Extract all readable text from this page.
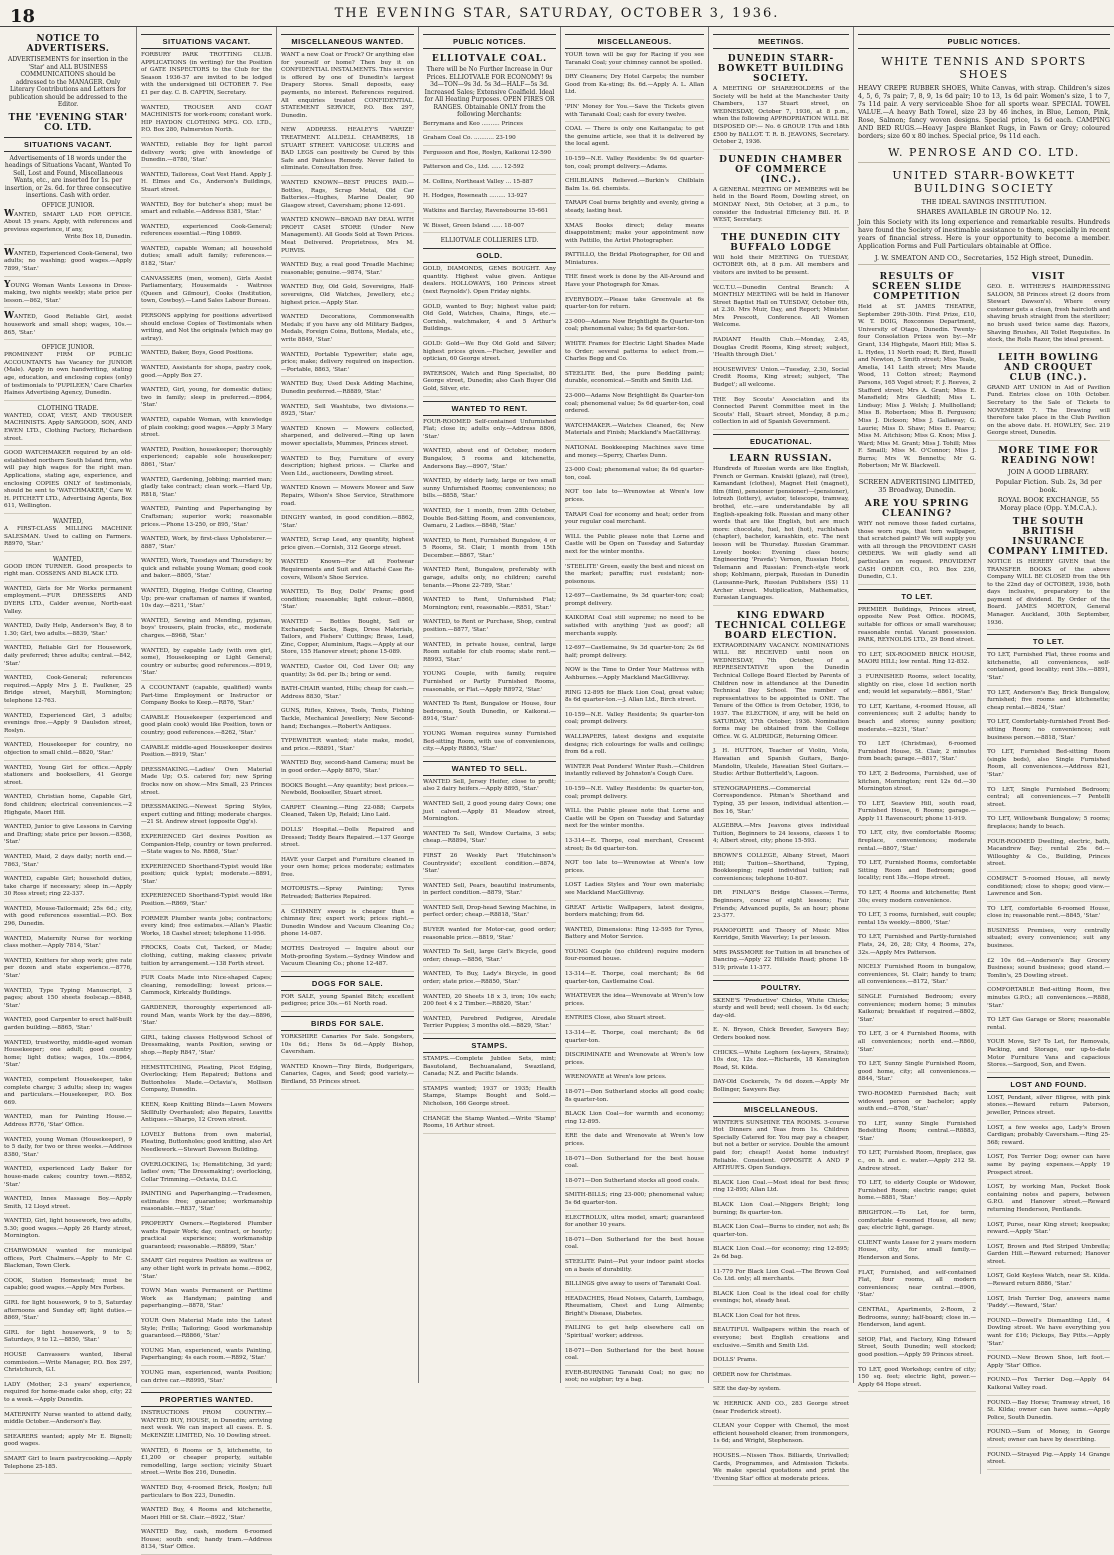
18	THE EVENING STAR, SATURDAY, OCTOBER 3, 1936.
NOTICE TO ADVERTISERS.
ADVERTISEMENTS for insertion in the 'Star' and ALL BUSINESS COMMUNICATIONS should be addressed to the MANAGER. Only Literary Contributions and Letters for publication should be addressed to the Editor.
THE 'EVENING STAR' CO. LTD.
SITUATIONS VACANT.
Advertisements of 18 words under the headings of Situations Vacant, Wanted To Sell, Lost and Found, Miscellaneous Wants, etc., are inserted for 1s. per insertion, or 2s. 6d. for three consecutive insertions. Cash with order.
OFFICE JUNIOR.
WANTED, SMART LAD FOR OFFICE. About 15 years. Apply, with references and previous experience, if any,
Write Box 18, Dunedin.
WANTED, Experienced Cook-General, two adults; no washing; good wages.—Apply 7899, 'Star.'
YOUNG Woman Wants Lessons in Dress-making, two nights weekly; state price per lesson.—862, 'Star.'
WANTED, Good Reliable Girl, assist housework and small shop; wages, 10s.—865, 'Star.'
OFFICE JUNIOR.
PROMINENT FIRM OF PUBLIC ACCOUNTANTS has Vacancy for JUNIOR (Male). Apply in own handwriting, stating age, education, and enclosing copies (only) of testimonials to 'PUPILEEN,' Care Charles Haines Advertising Agency, Dunedin.
CLOTHING TRADE.
WANTED, COAT, VEST, AND TROUSER MACHINISTS. Apply SARGOOD, SON, AND EWEN LTD., Clothing Factory, Richardson street.
GOOD WATCHMAKER required by an old-established northern South Island firm, who will pay high wages for the right man. Applications, stating age, experience, and enclosing COPIES ONLY of testimonials, should be sent to 'WATCHMAKER,' Care W. H. PITCHETT LTD., Advertising Agents, Box 611, Wellington.
WANTED,
A FIRST-CLASS MILLING MACHINE SALESMAN. Used to calling on Farmers. R8970, 'Star.'
WANTED,
GOOD IRON TURNER. Good prospects to right man. COSSENS AND BLACK LTD.
WANTED, Girls for Mr Works permanent employment.—FUR DRESSERS AND DYERS LTD., Calder avenue, North-east Valley.
WANTED, Daily Help, Anderson's Bay, 8 to 1.30; Girl, two adults.—8839, 'Star.'
WANTED, Reliable Girl for Housework, daily preferred; three adults; central.—842, 'Star.'
WANTED, Cook-General; references required.—Apply Mrs J. E. Faulkner, 25 Bridge street, Maryhill, Mornington; telephone 12-763.
WANTED, Experienced Girl, 3 adults; evenings free.—Apply 9 Daulsdon street, Roslyn.
WANTED, Housekeeper for country, no objection to small child.—8820, 'Star.'
WANTED, Young Girl for office.—Apply stationers and booksellers, 41 George street.
WANTED, Christian home, Capable Girl, fond children; electrical conveniences.—2 Highgate, Maori Hill.
WANTED, Junior to give Lessons in Carving and Drafting; state price per lesson.—8368, 'Star.'
WANTED, Maid, 2 days daily; north end.—7863, 'Star.'
WANTED, capable Girl; household duties, take charge if necessary; sleep in.—Apply 30 Ross street; ring 22-337.
WANTED, Mouse-Tailormaid; 25s 6d.; city, with good references essential.—P.O. Box 296, Dunedin.
WANTED, Maternity Nurse for working class mother.—Apply 7814, 'Star.'
WANTED, Knitters for shop work; give rate per dozen and state experience.—8776, 'Star.'
WANTED, Type Typing Manuscript, 3 pages; about 150 sheets foolscap.—8848, 'Star.'
WANTED, good Carpenter to erect half-built garden building.—8865, 'Star.'
WANTED, trustworthy, middle-aged woman Housekeeper; one adult; good country home; light duties; wages, 10s.—8964, 'Star.'
WANTED, competent Housekeeper, take complete charge; 3 adults; sleep in; wages and particulars.—Housekeeper, P.O. Box 669.
WANTED, man for Painting House.—Address R776, 'Star' Office.
WANTED, young Woman (Housekeeper), 9 to 5 daily, for two or three weeks.—Address 8380, 'Star.'
WANTED, experienced Lady Baker for house-made cakes; country town.—R852, 'Star.'
WANTED, Innes Massage Boy.—Apply Smith, 12 Lloyd street.
WANTED, Girl, light housework, two adults, 5.30; good wages.—Apply 26 Hardy street, Mornington.
CHARWOMAN wanted for municipal offices, Port Chalmers.—Apply to Mr C. Blackman, Town Clerk.
COOK, Station Homestead; must be capable; good wages.—Apply Mrs Forbes.
GIRL for light housework, 9 to 5, Saturday afternoons and Sunday off; light duties.—8869, 'Star.'
GIRL for light housework, 9 to 5; Saturdays, 9 to 12.—8850, 'Star.'
HOUSE Canvassers wanted, liberal commission.—Write Manager, P.O. Box 297, Christchurch, G.I.
LADY (Mother, 2-3 years' experience, required for home-made cake shop, city; 22 to a week.—Apply Dunedin.
MATERNITY Nurse wanted to attend daily, middle October.—Anderson's Bay.
SHEARERS wanted; apply Mr E. Bignell; good wages.
SMART Girl to learn pastrycooking.—Apply Telephone 25-185.
SITUATIONS VACANT.
FORBURY PARK TROTTING CLUB. APPLICATIONS (in writing) for the Position of GATE INSPECTORS to the Club for the Season 1936-37 are invited to be lodged with the undersigned till OCTOBER 7. Fee £1 per day. C. B. CAFFIN, Secretary.
WANTED, TROUSER AND COAT MACHINISTS for work-room; constant work. HIP HAYDON CLOTHING MFG. CO. LTD., P.O. Box 280, Palmerston North.
WANTED, reliable Boy for light parcel delivery work; give with knowledge of Dunedin.—8780, 'Star.'
WANTED, Tailoress, Coat Vest Hand. Apply J. H. Elmes and Co., Anderson's Buildings, Stuart street.
WANTED, Boy for butcher's shop; must be smart and reliable.—Address 8381, 'Star.'
WANTED, experienced Cook-General; references essential.—Ring 10869.
WANTED, capable Woman; all household duties; small adult family; references.—8182, 'Star.'
CANVASSERS (men, women), Girls Assist Parliamentary, Housemaids - Waitress (Queen and Gilmour), Cooks (Institution, town, Cowboy).—Land Sales Labour Bureau.
PERSONS applying for positions advertised should enclose Copies of Testimonials when writing, and Not the originals (which may go astray).
WANTED, Baker, Boys, Good Positions.
WANTED, Assistants for shops, pastry cook, good.—Apply Box 27.
WANTED, Girl, young, for domestic duties; two in family; sleep in preferred.—8964, 'Star.'
WANTED, capable Woman, with knowledge of plain cooking; good wages.—Apply 3 Mary street.
WANTED, Position, housekeeper; thoroughly experienced; capable sole housekeeper; 8861, 'Star.'
WANTED, Gardening, Jobbing; married man; gladly take contract; clean work.—Hard Up, R818, 'Star.'
WANTED, Painting and Paperhanging by Craftsman; superior work; reasonable prices.—Phone 13-250, or 895, 'Star.'
WANTED, Work, by first-class Upholsterer.—8887, 'Star.'
WANTED, Work, Tuesdays and Thursdays; by quick and reliable young Woman; good cook and baker.—8805, 'Star.'
WANTED, Digging, Hedge Cutting, Clearing Up; pre-war craftsman of names if wanted, 10s day.—8211, 'Star.'
WANTED, Sewing and Mending, pyjamas, boys' trousers, plain frocks, etc., moderate charges.—8968, 'Star.'
WANTED, by capable Lady (with own girl, some), Housekeeping or Light General; country or suburbs; good references.—8919, 'Star.'
A CCOUNTANT (capable, qualified) wants Part-time Employment or Instructor or Company Books to Keep.—R876, 'Star.'
CAPABLE Housekeeper (experienced and good plain cook) would like Position, town or country; good references.—8262, 'Star.'
CAPABLE middle-aged Housekeeper desires Position.—8919, 'Star.'
DRESSMAKING.—Ladies' Own Material Made Up; O.S. catered for; new Spring frocks now on show.—Mrs Small, 23 Princes street.
DRESSMAKING.—Newest Spring Styles, expert cutting and fitting; moderate charges.—21 St. Andrew street (opposite Ogg's).
EXPERIENCED Girl desires Position as Companion-Help, country or town preferred.—State wages to No. R868, 'Star.'
EXPERIENCED Shorthand-Typist would like position; quick typist; moderate.—8891, 'Star.'
EXPERIENCED Shorthand-Typist would like Position.—R869, 'Star.'
FORMER Plumber wants jobs; contractors; every kind; free estimates.—Allan's Plastic Works, 18 Cashel street; telephone 11-956.
FROCKS, Coats Cut, Tacked, or Made; clothing, cutting, making classes; private tuition by arrangement.—138 Forth street.
FUR Coats Made into Nice-shaped Capes; cleaning, remodelling; lowest prices.—Cammock, Kirkcaldy Buildings.
GARDENER, thoroughly experienced all-round Man, wants Work by the day.—8896, 'Star.'
GIRL, taking classes Hollywood School of Dressmaking, wants Position, sewing or shop.—Reply R847, 'Star.'
HEMSTITCHING, Pleating, Picot Edging, Overlocking; Hem Repaired; Buttons and Buttonholes Made.—Octavia's, Mollison Company, Dunedin.
KEEN, Keep Knitting Blinds—Lawn Mowers Skillfully Overhauled; also Repairs, Leavitts Antiques.—Sharpo, 12 Crown street.
LOVELY Buttons from own material, Pleating, Buttonholes; good knitting, also Art Needlework.—Stewart Dawson Building.
OVERLOCKING, 1s; Hemstitching, 3d yard; ladies' own; 'The Dressmaking'; overlocking, Collar Trimming.—Octavia, D.I.C.
PAINTING and Paperhanging.—Tradesmen, estimates free; guarantee; workmanship reasonable.—R837, 'Star.'
PROPERTY Owners.—Registered Plumber wants Repair Work; day, contract, or hourly; practical experience; workmanship guaranteed; reasonable.—R8899, 'Star.'
SMART Girl requires Position as waitress or any other light work in private home.—8962, 'Star.'
TOWN Man wants Permanent or Parttime Work as Handyman; painting and paperhanging.—8878, 'Star.'
YOUR Own Material Made into the Latest Style; Frills; Tailoring; Good workmanship guaranteed.—R8866, 'Star.'
YOUNG Man, experienced, wants Painting, Paperhanging; 4s each room.—R892, 'Star.'
YOUNG man, experienced, wants Position; can drive car.—R8995, 'Star.'
PROPERTIES WANTED.
INSTRUCTIONS FROM COUNTRY.—WANTED BUY, HOUSE, in Dunedin; arriving next week. We can inspect all cases. E. S. McKENZIE LIMITED, No. 10 Dowling street.
WANTED, 6 Rooms or 5, kitchenette, to £1,200 or cheaper property, suitable remodelling, large section; vicinity Stuart street.—Write Box 216, Dunedin.
WANTED Buy, 4-roomed Brick, Roslyn; full particulars to Box 223, Dunedin.
WANTED Buy, 4 Rooms and kitchenette, Maori Hill or St. Clair.—8922, 'Star.'
WANTED Buy, cash, modern 6-roomed House; south end; handy tram.—Address 8134, 'Star' Office.
MISCELLANEOUS WANTED.
WANT a new Coat or Frock? Or anything else for yourself or home? Then buy it on CONFIDENTIAL INSTALMENTS. This service is offered by one of Dunedin's largest Drapery Stores. Small deposits, easy payments, no interest. References required. All enquiries treated CONFIDENTIAL. STATEMENT SERVICE, P.O. Box 297, Dunedin.
NEW ADDRESS. HEALEY'S 'VARIZE' TREATMENT. ALLDELL CHAMBERS, 18 STUART STREET. VARICOSE ULCERS and BAD LEGS can positively be Cured by this Safe and Painless Remedy. Never failed to eliminate. Consultation free.
WANTED KNOWN—BEST PRICES PAID.—Bottles, Rags, Scrap Metal, Old Car Batteries.—Hughes, Marine Dealer, 90 Glasgow street, Caversham; phone 12-691.
WANTED KNOWN—BROAD BAY DEAL WITH PROFIT CASH STORE (Under New Management). All Goods Sold at Town Prices. Meat Delivered. Proprietress, Mrs M. PURVIS.
WANTED Buy, a real good Treadle Machine; reasonable; genuine.—9874, 'Star.'
WANTED Buy, Old Gold, Sovereigns, Half-sovereigns, Old Watches, Jewellery, etc.; highest price.—Apply Star.
WANTED Decorations, Commonwealth Medals; if you have any old Military Badges, Medals, Foreign Coins, Buttons, Medals, etc., write 8849, 'Star.'
WANTED, Portable Typewriter; state age, price; make; delivery required on inspection.—Portable, 8863, 'Star.'
WANTED Buy, Used Desk Adding Machine, Dunedin preferred.—R8889, 'Star.'
WANTED, Sell Washtubs, two divisions.—8925, 'Star.'
WANTED Known — Mowers collected, sharpened, and delivered.—Ring up lawn mower specialists, Mummes, Princes street.
WANTED to Buy, Furniture of every description; highest prices. — Clarke and Veen Ltd., auctioneers, Dowling street.
WANTED Known — Mowers Mower and Saw Repairs, Wilson's Shoe Service, Strathmore road.
DINGHY wanted, in good condition.—8862, 'Star.'
WANTED, Scrap Lead, any quantity, highest price given.—Cornish, 312 George street.
WANTED Known—For all Footwear Requirements and Suit and Attaché Case Re-covers, Wilson's Shoe Service.
WANTED, To Buy, Dolls' Prams; good condition; reasonable; light colour.—8860, 'Star.'
WANTED — Bottles Bought, Sell or Exchanged; Sacks, Bags, Dress Materials, Tailors, and Fishers' Cuttings; Brass, Lead, Zinc, Copper, Aluminium, Rags.—Apply at our Store, 155 Hanover street; phone 15-089.
WANTED, Castor Oil, Cod Liver Oil; any quantity; 3s 6d. per lb.; bring or send.
BATH-CHAIR wanted, Hills; cheap for cash.—Address 8830, 'Star.'
GUNS, Rifles, Knives, Tools, Tents, Fishing Tackle, Mechanical Jewellery; New Second-hand; Exchanges.—Robert's Antiques.
TYPEWRITER wanted; state make, model, and price.—R8891, 'Star.'
WANTED Buy, second-hand Camera; must be in good order.—Apply 8870, 'Star.'
BOOKS Bought.—Any quantity; best prices.—Newbold, Bookseller, Stuart street.
CARPET Cleaning.—Ring 22-088; Carpets Cleaned, Taken Up, Relaid; Lino Laid.
DOLLS' Hospital.—Dolls Repaired and Dressed; Teddy Bears Repaired.—137 George street.
HAVE your Carpet and Furniture cleaned in your own home; prices moderate; estimates free.
MOTORISTS.—Spray Painting; Tyres Retreaded; Batteries Repaired.
A CHIMNEY sweep is cheaper than a chimney fire; expert work; prices right.—Dunedin Window and Vacuum Cleaning Co.; phone 14-087.
MOTHS Destroyed — Inquire about our Moth-proofing System.—Sydney Window and Vacuum Cleaning Co.; phone 12-487.
DOGS FOR SALE.
FOR SALE, young Spaniel Bitch; excellent pedigree; price 30s.—61 North road.
BIRDS FOR SALE.
YORKSHIRE Canaries For Sale. Songsters, 10s 6d.; Hens 5s 6d.—Apply Bishop, Caversham.
WANTED Known—Tiny Birds, Budgerigars, Canaries, Cages, and Seed; good variety.—Birdland, 55 Princes street.
PUBLIC NOTICES.
ELLIOTVALE COAL.
There will be No Further Increase in Our Prices. ELLIOTVALE FOR ECONOMY! 9s 3d—TON—9s 3d. 5s 3d—HALF—5s 3d. Increased Sales; Extensive Coalfield. Ideal for All Heating Purposes. OPEN FIRES OR RANGES. Obtainable ONLY from the following Merchants:
Berrymans and Keo .......... Princes
Graham Coal Co. ........... 23-190
Fergusson and Roe, Roslyn, Kaikorai 12-590
Patterson and Co., Ltd. ...... 12-592
M. Collins, Northeast Valley ... 15-887
H. Hodges, Roseneath ......... 13-927
Watkins and Barclay, Ravensbourne 15-661
W. Bisset, Green Island ...... 18-007
ELLIOTVALE COLLIERIES LTD.
GOLD.
GOLD, DIAMONDS, GEMS BOUGHT. Any quantity. Highest value given. Antique dealers. HOLLOWAYS, 160 Princes street (next Reynolds'). Open Friday nights.
GOLD, wanted to Buy; highest value paid; Old Gold, Watches, Chains, Rings, etc.—Cornish, watchmaker, 4 and 5 Arthur's Buildings.
GOLD: Gold—We Buy Old Gold and Silver; highest prices given.—Fischer, jeweller and optician, 60 George street.
PATERSON, Watch and Ring Specialist, 80 George street, Dunedin; also Cash Buyer Old Gold, Silver, etc.
WANTED TO RENT.
FOUR-ROOMED Self-contained Unfurnished Flat; close in; adults only.—Address 8806, 'Star.'
WANTED, about end of October, modern Bungalow, 5 rooms and kitchenette, Andersons Bay.—8907, 'Star.'
WANTED, by elderly lady, large or two small sunny Unfurnished Rooms; conveniences; no bills.—8858, 'Star.'
WANTED, for 1 month, from 28th October, Double Bed-Sitting Room, and conveniences, Oamaru, 2 Ladies.—8848, 'Star.'
WANTED, to Rent, Furnished Bungalow, 4 or 5 Rooms, St. Clair, 1 month from 15th December.—8867, 'Star.'
WANTED Rent, Bungalow, preferably with garage, adults only, no children; careful tenants.—Phone 22-789, 'Star.'
WANTED to Rent, Unfurnished Flat; Mornington; rent, reasonable.—R851, 'Star.'
WANTED, to Rent or Purchase, Shop, central position.—8877, 'Star.'
WANTED, in private house, central, large Room suitable for club rooms; state rent.—R8993, 'Star.'
YOUNG Couple, with family, require Furnished or Partly Furnished Rooms, reasonable, or Flat.—Apply R8972, 'Star.'
WANTED To Rent, Bungalow or House, four bedrooms, South Dunedin, or Kaikorai.—8914, 'Star.'
YOUNG Woman requires sunny Furnished Bed-sitting Room, with use of conveniences, city.—Apply R8863, 'Star.'
WANTED TO SELL.
WANTED Sell, Jersey Heifer, close to profit; also 2 dairy heifers.—Apply 8895, 'Star.'
WANTED Sell, 2 good young dairy Cows; one just calved.—Apply 81 Meadow street, Mornington.
WANTED To Sell, Window Curtains, 3 sets; cheap.—R8894, 'Star.'
FIRST 26 Weekly Part 'Hutchinson's Countryside'; excellent condition.—8874, 'Star.'
WANTED Sell, Pears, beautiful instruments, in perfect condition.—8879, 'Star.'
WANTED Sell, Drop-head Sewing Machine, in perfect order; cheap.—R8818, 'Star.'
BUYER wanted for Motor-car, good order; reasonable price.—8819, 'Star.'
WANTED To Sell, large Girl's Bicycle, good order; cheap.—8856, 'Star.'
WANTED, To Buy, Lady's Bicycle, in good order; state price.—R8850, 'Star.'
WANTED, 20 Sheets 18 x 3, iron; 10s each; 200 feet 4 x 2 Timber.—R8820, 'Star.'
WANTED, Purebred Pedigree, Airedale Terrier Puppies; 3 months old.—8829, 'Star.'
STAMPS.
STAMPS.—Complete Jubilee Sets, mint; Basutoland, Bechuanaland, Swaziland, Canada; N.Z. and Pacific Islands.
STAMPS wanted; 1937 or 1935; Health Stamps, Stamps Bought and Sold.—Nicholson, 166 George street.
CHANGE the Stamp Wanted.—Write 'Stamp' Rooms, 16 Arthur street.
MISCELLANEOUS.
YOUR town will be gay for Racing if you see Taranaki Coal; your chimney cannot be spoiled.
DRY Cleaners; Dry Hotel Carpets; the number Good from Ka-sting; 8s. 6d.—Apply A. L. Allan Ltd.
'PIN' Money for You.—Save the Tickets given with Taranaki Coal; cash for every twelve.
COAL — There is only one Kaitangata; to get the genuine article, see that it is delivered by the local agent.
10-159—N.E. Valley Residents: 9s 6d quarter-ton, coal; prompt delivery.—Adams.
CHILBLAINS Relieved.—Burkin's Chilblain Balm 1s. 6d. chemists.
TARAPI Coal burns brightly and evenly, giving a steady, lasting heat.
XMAS Books direct; delay means disappointment; make your appointment now with Pattillo, the Artist Photographer.
PATTILLO, the Bridal Photographer, for Oil and Miniatures.
THE finest work is done by the All-Around and Have your Photograph for Xmas.
EVERYBODY.—Please take Greenvale at 6s quarter-ton for return.
23-000—Adams Now Brightlight 8s Quarter-ton coal; phenomenal value; 5s 6d quarter-ton.
WHITE Frames for Electric Light Shades Made to Order; several patterns to select from.—Charles Begg and Co.
STEELITE Bed, the pure Bedding paint; durable, economical.—Smith and Smith Ltd.
23-000—Adams Now Brightlight 8s Quarter-ton coal; phenomenal value; 5s 6d quarter-ton, coal ordered.
WATCHMAKER.—Watches Cleaned, 6s; New Materials and Finish; Mackland's MacGillivray.
NATIONAL Bookkeeping Machines save time and money.—Sperry, Charles Dunn.
23-000 Coal; phenomenal value; 8s 6d quarter-ton, coal.
NOT too late to—Wrenowise at Wren's low prices.
TARAPI Coal for economy and heat; order from your regular coal merchant.
WILL the Public please note that Lorne and Castle will be Open on Tuesday and Saturday next for the winter months.
'STEELITE' Green, easily the best and nicest on the market; paraffin; rust resistant; non-poisonous.
12-697—Castlemaine, 9s 3d quarter-ton; coal; prompt delivery.
KAIKORAI Coal still supreme; no need to be satisfied with anything 'just as good'; all merchants supply.
12-697—Castlemaine, 9s 3d quarter-ton; 2s 6d half; prompt delivery.
NOW is the Time to Order Your Mattress with Ashburnes.—Apply Mackland MacGillivray.
RING 12-895 for Black Lion Coal, great value; 8s 6d quarter-ton.—J. Allan Ltd., Birch street.
10-159—N.E. Valley Residents; 9s quarter-ton coal; prompt delivery.
WALLPAPERS, latest designs and exquisite designs; rich colourings for walls and ceilings; from 6d a roll.
WINTER Peat Ponders! Winter Rush.—Children instantly relieved by Johnston's Cough Cure.
10-159—N.E. Valley Residents: 9s quarter-ton, coal; prompt delivery.
WILL the Public please note that Lorne and Castle will be Open on Tuesday and Saturday next for the winter months.
13-314—E. Thorpe, coal merchant, Crescent street; 8s 6d quarter-ton.
NOT too late to—Wrenowise at Wren's low prices.
LOST Ladies Styles and Your own materials; see Mackland MacGillivray.
GREAT Artistic Wallpapers, latest designs, borders matching; from 6d.
WANTED, Dimensions: Ring 12-595 for Tyres, Battery and Motor Service.
YOUNG Couple (no children) require modern four-roomed house.
13-314—E. Thorpe, coal merchant; 8s 6d quarter-ton, Castlemaine Coal.
WHATEVER the idea—Wrenovate at Wren's low prices.
ENTRIES Close, also Stuart street.
13-314—E. Thorpe, coal merchant; 8s 6d quarter-ton.
DISCRIMINATE and Wrenovate at Wren's low prices.
WRENOVATE at Wren's low prices.
18-071—Don Sutherland stocks all good coals; 8s quarter-ton.
BLACK Lion Coal—for warmth and economy; ring 12-895.
ERE the date and Wrenovate at Wren's low prices.
18-071—Don Sutherland for the best house coal.
18-071—Don Sutherland stocks all good coals.
SMITH-BILLS; ring 23-000; phenomenal value; 5s 6d quarter-ton.
ELECTROLUX, ultra model, smart; guaranteed for another 10 years.
18-071—Don Sutherland for the best house coal.
STEELITE Paint—Put your indoor paint stocks on a basis of durability.
BILLINGS give away to users of Taranaki Coal.
HEADACHES, Head Noises, Catarrh, Lumbago, Rheumatism, Chest and Lung Ailments; Bright's Disease, Diabetes.
FAILING to get help elsewhere call on 'Spiritual' worker; address.
18-071—Don Sutherland for the best house coal.
EVER-BURNING Taranaki Coal; no gas; no soot; no sulphur; try a bag.
MEETINGS.
DUNEDIN STARR-BOWKETT BUILDING SOCIETY.
A MEETING OF SHAREHOLDERS of the Society will be held at the Manchester Unity Chambers, 137 Stuart street, on WEDNESDAY, October 7, 1936, at 8 p.m., when the following APPROPRIATION WILL BE DISPOSED OF:— No. 6 GROUP. 17th and 18th £500 by BALLOT. T. R. B. JEAVONS, Secretary. October 2, 1936.
DUNEDIN CHAMBER OF COMMERCE (INC.).
A GENERAL MEETING OF MEMBERS will be held in the Board Room, Dowling street, on MONDAY Next, 5th October, at 3 p.m., to consider the Industrial Efficiency Bill. H. P. WEST, Secretary.
THE DUNEDIN CITY BUFFALO LODGE
Will hold their MEETING On TUESDAY, OCTOBER 6th, at 8 p.m. All members and visitors are invited to be present.
W.C.T.U.—Dunedin Central Branch: A MONTHLY MEETING will be held in Hanover Street Baptist Hall on TUESDAY, October 6th, at 2.30. Mrs Muir, Day, and Report; Minister. Mrs Prescott, Conference. All Women Welcome.
RADIANT Health Club.—Monday, 2.45, Douglas Credit Rooms, King street; subject, 'Health through Diet.'
HOUSEWIVES' Union.—Tuesday, 2.30, Social Credit Rooms, King street; subject, 'The Budget'; all welcome.
THE Boy Scouts' Association and its Connected Parent Committee meet in the Scouts' Hall, Stuart street, Monday, 8 p.m.; collection in aid of Spanish Government.
EDUCATIONAL.
LEARN RUSSIAN.
Hundreds of Russian words are like English, French or German. Kraiskii (glaze), rail (tree), Kamandant (clothes), Magnet Heil (magnet), film (film), pensioner (pensioner)—(pensioner), lotrezh (lottery), aviator, telescope, tramway, brothel, etc.—are understandable by all English-speaking folk. Russian and many other words that are like English, but are much more: chocolate, fuel, hot (hot), ruchlshash (chapter), bachelor, karashkin, etc. The next lesson will be Thursday. Russian Grammar. Lovely books: Evening class hours; Engineering 'Pravda'; Vernon, Russian Hotel, Telemann and Russian: French-style work shop; Kohlmann, pierpak, Russian in Dunedin (Lausanne-Park, Russian Publishers (SS) 11 Archer street. Mutiplication, Mathematics, Eurasian Languages.
KING EDWARD TECHNICAL COLLEGE BOARD ELECTION.
EXTRAORDINARY VACANCY. NOMINATIONS WILL BE RECEIVED until noon on WEDNESDAY, 7th October, of a REPRESENTATIVE upon the Dunedin Technical College Board Elected by Parents of Children now in attendance at the Dunedin Technical Day School. The number of representatives to be appointed is ONE. The Tenure of the Office is from October, 1936, to 1937. The ELECTION, if any, will be held on SATURDAY, 17th October, 1936. Nomination forms may be obtained from the College Office. W. G. ALDRIDGE, Returning Officer.
J. H. HUTTON, Teacher of Violin, Viola, Hawaiian and Spanish Guitars, Banjo-Mandolin, Ukulele, Hawaiian Steel Guitars.—Studio: Arthur Butterfield's, Lagoon.
STENOGRAPHERS.—Commercial Correspondence. Pitman's Shorthand and Typing, 35 per lesson, individual attention.—Box 16, 'Star.'
ALGEBRA.—Mrs Jeavons gives individual Tuition, Beginners to 24 lessons, classes 1 to 4; Albert street, city; phone 15-593.
BROWN'S COLLEGE, Albany Street, Maori Hill; Tuition—Shorthand, Typing, Bookkeeping; rapid individual tuition; rail conveniences; telephone 10-807.
DR FINLAY'S Bridge Classes.—Terms, Beginners, course of eight lessons; Fair Friends; Advanced pupils, 5s an hour; phone 23-377.
PIANOFORTE and Theory of Music Miss Kerridge, Smith Waverley; 1s per lesson.
MRS PASSMORE for Tuition in all branches of Dancing.—Apply 22 Hillside Road; phone 18-519; private 11-377.
POULTRY.
SKENE'S 'Productive' Chicks, White Chicks; sturdy and well bred; well chosen. 1s 6d each; day-old.
E. N. Bryson, Chick Breeder, Sawyers Bay; Orders booked now.
CHICKS.—White Leghorn (ex-layers, Strains); 10s doz, 12s doz.—Richards, 18 Kensington Road, St. Kilda.
DAY-Old Cockerels, 7s 6d dozen.—Apply Mr Bollinger, Sawyers Bay.
MISCELLANEOUS.
WINTER'S SUNSHINE TEA ROOMS. 3-course Hot Dinners and Teas from 1s. Children Specially Catered for. You may pay a cheaper, but not a better or service. Double the amount paid for; cheap!! Assist home industry! Reliable. Consistent. OPPOSITE A AND P ARTHUR'S. Open Sundays.
BLACK Lion Coal.—Most ideal for best fires; ring 12-895; Allan Ltd.
BLACK Lion Coal.—Niggers Bright; long burning; 8s quarter-ton.
BLACK Lion Coal—Burns to cinder, not ash; 8s quarter-ton.
BLACK Lion Coal.—for economy; ring 12-895; 2s 6d bag.
11-779 For Black Lion Coal.—The Brown Coal Co. Ltd. only; all merchants.
BLACK Lion Coal is the ideal coal for chilly evenings; hot, steady heat.
BLACK Lion Coal for hot fires.
BEAUTIFUL Wallpapers within the reach of everyone; best English creations and exclusive.—Smith and Smith Ltd.
DOLLS' Prams.
ORDER now for Christmas.
SEE the day-by system.
W. HERRICK AND CO., 283 George street (near Frederick street).
CLEAN your Copper with Chemol, the most efficient household cleaner, from ironmongers, 1s 6d; and Wright, Stephenson.
HOUSES.—Nissen Thos. Billiards, Unrivalled; Cards, Programmes, and Admission Tickets. We make special quotations and print the 'Evening Star' office at moderate prices.
PUBLIC NOTICES.
WHITE TENNIS AND SPORTS SHOES
HEAVY CREPE RUBBER SHOES, White Canvas, with strap. Children's sizes 4, 5, 6, 7s pair; 7, 8, 9, 1s 6d pair; 10 to 13, 1s 6d pair. Women's size, 1 to 7, 7s 11d pair. A very serviceable Shoe for all sports wear. SPECIAL TOWEL VALUE.—A heavy Bath Towel, size 23 by 46 inches, in Blue, Lemon, Pink, Rose, Salmon; fancy woven designs. Special price, 1s 6d each. CAMPING AND BED RUGS.—Heavy Jaspre Blanket Rugs, in Fawn or Grey; coloured borders; size 60 x 80 inches. Special price, 9s 11d each.
W. PENROSE AND CO. LTD.
UNITED STARR-BOWKETT BUILDING SOCIETY
THE IDEAL SAVINGS INSTITUTION.
SHARES AVAILABLE IN GROUP No. 12.
Join this Society with its long experience and remarkable results. Hundreds have found the Society of inestimable assistance to them, especially in recent years of financial stress. Here is your opportunity to become a member. Application Forms and Full Particulars obtainable at Office.
J. W. SMEATON AND CO., Secretaries, 152 High street, Dunedin.
RESULTS OF SCREEN SLIDE COMPETITION
Held at ST. JAMES THEATRE, September 29th-30th. First Prize, £10, W. T. DOIG, Roxconnes Department, University of Otago, Dunedin. Twenty-four Consolation Prizes won by:—Mr Grant, 134 Highgate, Maori Hill; Miss S. L. Hydes, 11 North road; R. Bird, Rusell and Newton, 5 Smith street; Miss Teale, Amelia, 141 Leith street; Mrs Maude Wood, 11 Cotton street; Raymond Parsons, 165 Vogel street; F. J. Reeves, 2 Stafford street; Mrs A. Grant; Miss E. Mansfield; Mrs Gledhill; Miss L. Lindsay; Miss J. Welsh; J. Mullholland; Miss B. Robertson; Miss B. Ferguson; Miss J. Dickson; Miss J. Gallaway; G. Laurie; Miss D. Shaw; Miss E. Pearce; Miss M. Aitchison; Miss G. Knox; Miss J. Ward; Miss M. Grant; Miss J. Tohill; Miss F. Smaill; Miss M. O'Connor; Miss J. Burns; Mrs W. Bennetts; Mr G. Robertson; Mr W. Blackwell.
SCREEN ADVERTISING LIMITED, 35 Broadway, Dunedin.
ARE YOU SPRING CLEANING?
WHY not remove those faded curtains, those worn rugs, that torn wallpaper, that scratched paint? We will supply you with all through the PROVIDENT CASH ORDERS. We will gladly send all particulars on request. PROVIDENT CASH ORDER CO., P.O. Box 236, Dunedin, C.1.
TO LET.
PREMIER Buildings, Princes street, opposite New Post Office. ROOMS, suitable for offices or small warehouse; reasonable rental. Vacant possession. PARK, REYNOLDS LTD., 29 Bond street.
TO LET, SIX-ROOMED BRICK HOUSE, MAORI HILL; low rental. Ring 12-832.
3 FURNISHED Rooms, select locality, slightly on rise, close 1d section north end; would let separately.—8861, 'Star.'
TO LET, Karitane, 4-roomed House, all conveniences; suit 2 adults; handy to beach and stores; sunny position; moderate.—8231, 'Star.'
TO LET (Christmas), 6-roomed Furnished House, St. Clair, 2 minutes from beach; garage.—8817, 'Star.'
TO LET, 2 Bedrooms, Furnished, use of kitchen, Mornington; rent 12s 6d.—30 Mornington street.
TO LET, Seaview Hill, south road, Furnished House, 6 Rooms; garage.—Apply 11 Ravenscourt; phone 11-919.
TO LET, city, five comfortable Rooms; fireplace, conveniences; moderate rental.—8807, 'Star.'
TO LET, Furnished Rooms, comfortable Sitting Room and Bedroom; good locality; rent 18s.—Hope street.
TO LET, 4 Rooms and kitchenette; Rent 30s; every modern convenience.
TO LET, 3 rooms, furnished, suit couple; rental 15s weekly.—8800, 'Star.'
TO LET, Furnished and Partly-furnished Flats, 24, 26, 28; City, 4 Rooms, 27s, 32s.—Apply Mrs Patterson.
NICELY Furnished Room in bungalow, conveniences, St. Clair; handy to tram; all conveniences.—8172, 'Star.'
SINGLE Furnished Bedroom; every convenience; modern home; 5 minutes Kaikorai; breakfast if required.—8802, 'Star.'
TO LET, 3 or 4 Furnished Rooms, with all conveniences; north end.—R860, 'Star.'
TO LET, Sunny Single Furnished Room, good home, city; all conveniences.—8844, 'Star.'
TWO-ROOMED Furnished Bach; suit widowed person or bachelor; apply south end.—8708, 'Star.'
TO LET, sunny Single Furnished Bedsitting Room; central.—R8883, 'Star.'
TO LET, Furnished Room, fireplace, gas c., on h. and c. water.—Apply 212 St. Andrew street.
TO LET, to elderly Couple or Widower, Furnished Room; electric range; quiet home.—8881, 'Star.'
BRIGHTON.—To Let, for term, comfortable 4-roomed House, all new; gas; electric light, garage.
CLIENT wants Lease for 2 years modern House, city, for small family.—Henderson and Sons.
FLAT, Furnished, and self-contained Flat, four rooms, all modern conveniences; near central.—8906, 'Star.'
CENTRAL, Apartments, 2-Room, 2 Bedrooms, sunny; half-board; close in.—Henderson, land agent.
SHOP, Flat, and Factory, King Edward Street, South Dunedin; well stocked; good position.—Apply 59 Princes street.
TO LET, good Workshop; centre of city; 150 sq. feet; electric light, power.—Apply 64 Hope street.
VISIT
GEO. E. WITHERS'S HAIRDRESSING SALOON, 58 Princes street (2 doors from Stewart Dawson's). Where every customer gets a clean, fresh haircloth and shaving brush straight from the sterilizer; no brush used twice same day. Razors, Shaving Brushes, All Toilet Requisites. In stock, the Rolls Razor, the ideal present.
LEITH BOWLING AND CROQUET CLUB (INC.).
GRAND ART UNION in Aid of Pavilion Fund. Entries close on 10th October. Secretary to the Sale of Tickets to NOVEMBER 7. The Drawing will therefore take place in the Club Pavilion on the above date. H. HOWLEY, Sec. 219 George street, Dunedin.
MORE TIME FOR READING NOW!
JOIN A GOOD LIBRARY.
Popular Fiction. Sub. 2s, 3d per book.
ROYAL BOOK EXCHANGE, 55 Moray place (Opp. Y.M.C.A.).
THE SOUTH BRITISH INSURANCE COMPANY LIMITED.
NOTICE IS HEREBY GIVEN that the TRANSFER BOOKS of the above Company WILL BE CLOSED from the 9th to the 22nd day of OCTOBER, 1936, both days inclusive, preparatory to the payment of dividend. By Order of the Board. JAMES MORTON, General Manager. Auckland, 30th September, 1936.
TO LET.
TO LET, Furnished Flat, three rooms and kitchenette, all conveniences, self-contained, good locality; rent 30s.—8891, 'Star.'
TO LET, Anderson's Bay, Brick Bungalow, furnished; five rooms and kitchenette; cheap rental.—8824, 'Star.'
TO LET, Comfortably-furnished Front Bed-sitting Room; no conveniences; suit business person.—8818, 'Star.'
TO LET, Furnished Bed-sitting Room (single beds), also Single Furnished Room, all conveniences.—Address 821, 'Star.'
TO LET, Single Furnished Bedroom; central; all conveniences.—7 Pentelli street.
TO LET, Willowbank Bungalow; 5 rooms; fireplaces; handy to beach.
FOUR-ROOMED Dwelling, electric, bath, Macandrew Bay; rental 25s 6d.—Willoughby & Co., Building, Princes street.
COMPACT 5-roomed House, all newly conditioned; close to shops; good view.—Lawrence and Son.
TO LET, comfortable 6-roomed House, close in; reasonable rent.—8845, 'Star.'
BUSINESS Premises, very centrally situated; every convenience; suit any business.
£2 10s 6d.—Anderson's Bay Grocery Business; sound business; good stand.—Tomlin's, 25 Dowling street.
COMFORTABLE Bed-sitting Room, five minutes G.P.O.; all conveniences.—R888, 'Star.'
TO LET Gas Garage or Store; reasonable rental.
YOUR Move, Sir? To Let, for Removals, Packing, and Storage, our up-to-date Motor Furniture Vans and capacious Stores.—Sargood, Son, and Ewen.
LOST AND FOUND.
LOST, Pendant, silver filigree, with pink stones.—Reward return Paterson, jeweller, Princes street.
LOST, a few weeks ago, Lady's Brown Cardigan; probably Caversham.—Ring 25-568; reward.
LOST, Fox Terrier Dog; owner can have same by paying expenses.—Apply 19 Prospect street.
LOST, by working Man, Pocket Book containing notes and papers, between G.P.O. and Hanover street.—Reward returning Henderson, Pentlands.
LOST, Purse, near King street; keepsake; reward.—Apply 'Star.'
LOST, Brown and Red Striped Umbrella; Garden Hill.—Reward returned; Hanover street.
LOST, Gold Keyless Watch, near St. Kilda.—Reward return 8886, 'Star.'
LOST, Irish Terrier Dog, answers name 'Paddy'.—Reward, 'Star.'
FOUND.—Dowell's Dismantling Ltd., 4 Dowling street. We have everything you want for £16; Pickups, Bay Pitts.—Apply 'Star.'
FOUND.—New Brown Shoe, left foot.—Apply 'Star' Office.
FOUND.—Fox Terrier Dog.—Apply 64 Kaikorai Valley road.
FOUND.—Bay Horse; Tramway street, 16 St. Kilda; owner can have same.—Apply Police, South Dunedin.
FOUND.—Sum of Money, in George street; owner can have by describing.
FOUND.—Strayed Pig.—Apply 14 Grange street.
